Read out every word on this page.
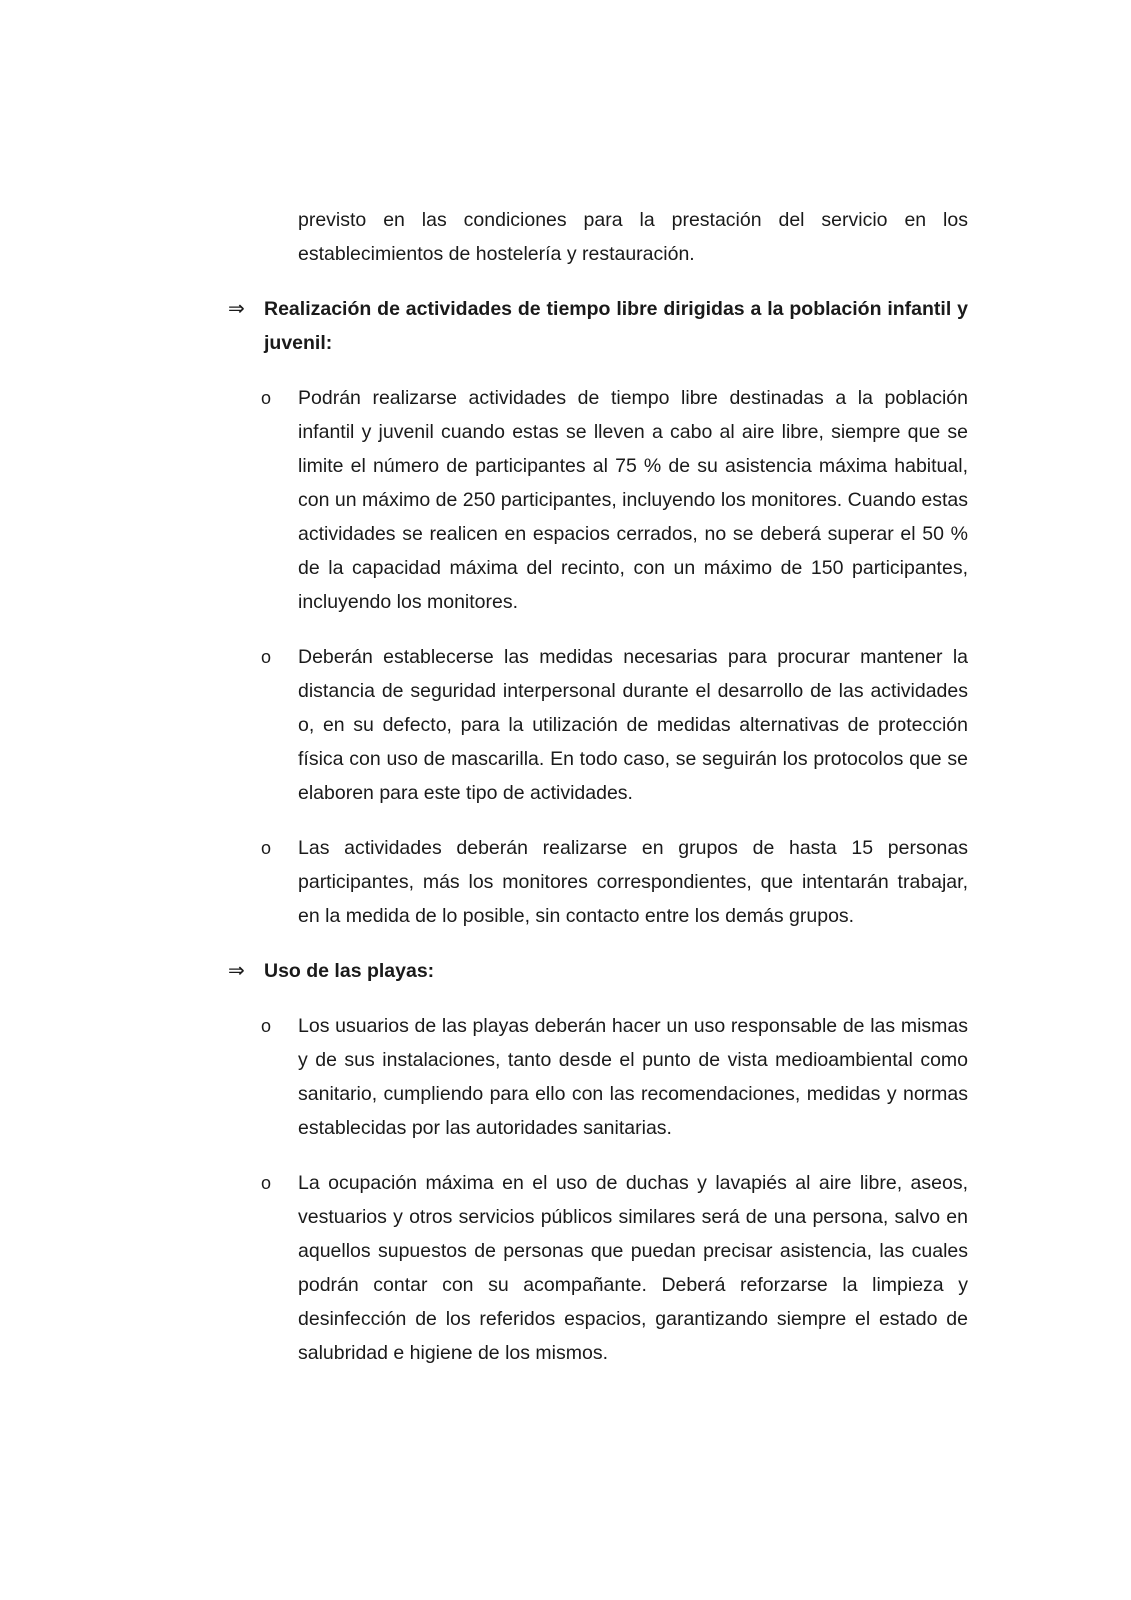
previsto en las condiciones para la prestación del servicio en los establecimientos de hostelería y restauración.
⇒ Realización de actividades de tiempo libre dirigidas a la población infantil y juvenil:
o	Podrán realizarse actividades de tiempo libre destinadas a la población infantil y juvenil cuando estas se lleven a cabo al aire libre, siempre que se limite el número de participantes al 75 % de su asistencia máxima habitual, con un máximo de 250 participantes, incluyendo los monitores. Cuando estas actividades se realicen en espacios cerrados, no se deberá superar el 50 % de la capacidad máxima del recinto, con un máximo de 150 participantes, incluyendo los monitores.
o	Deberán establecerse las medidas necesarias para procurar mantener la distancia de seguridad interpersonal durante el desarrollo de las actividades o, en su defecto, para la utilización de medidas alternativas de protección física con uso de mascarilla. En todo caso, se seguirán los protocolos que se elaboren para este tipo de actividades.
o	Las actividades deberán realizarse en grupos de hasta 15 personas participantes, más los monitores correspondientes, que intentarán trabajar, en la medida de lo posible, sin contacto entre los demás grupos.
⇒ Uso de las playas:
o	Los usuarios de las playas deberán hacer un uso responsable de las mismas y de sus instalaciones, tanto desde el punto de vista medioambiental como sanitario, cumpliendo para ello con las recomendaciones, medidas y normas establecidas por las autoridades sanitarias.
o	La ocupación máxima en el uso de duchas y lavapiés al aire libre, aseos, vestuarios y otros servicios públicos similares será de una persona, salvo en aquellos supuestos de personas que puedan precisar asistencia, las cuales podrán contar con su acompañante. Deberá reforzarse la limpieza y desinfección de los referidos espacios, garantizando siempre el estado de salubridad e higiene de los mismos.
